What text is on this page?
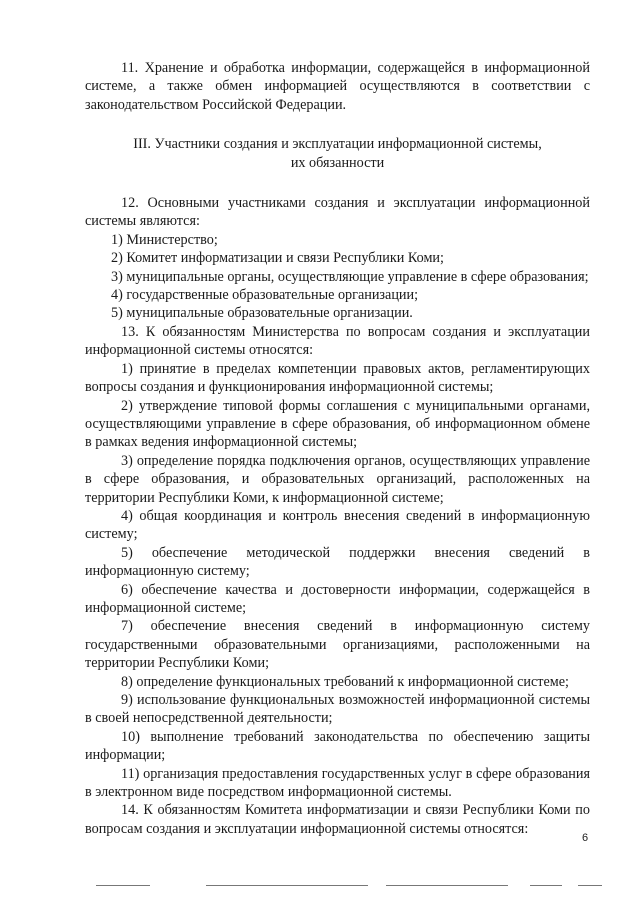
11. Хранение и обработка информации, содержащейся в информационной системе, а также обмен информацией осуществляются в соответствии с законодательством Российской Федерации.

III. Участники создания и эксплуатации информационной системы,
их обязанности

12. Основными участниками создания и эксплуатации информационной системы являются:

1) Министерство;

2) Комитет информатизации и связи Республики Коми;

3) муниципальные органы, осуществляющие управление в сфере образования;

4) государственные образовательные организации;

5) муниципальные образовательные организации.

13. К обязанностям Министерства по вопросам создания и эксплуатации информационной системы относятся:

1) принятие в пределах компетенции правовых актов, регламентирующих вопросы создания и функционирования информационной системы;

2) утверждение типовой формы соглашения с муниципальными органами, осуществляющими управление в сфере образования, об информационном обмене в рамках ведения информационной системы;

3) определение порядка подключения органов, осуществляющих управление в сфере образования, и образовательных организаций, расположенных на территории Республики Коми, к информационной системе;

4) общая координация и контроль внесения сведений в информационную систему;

5) обеспечение методической поддержки внесения сведений в информационную систему;

6) обеспечение качества и достоверности информации, содержащейся в информационной системе;

7) обеспечение внесения сведений в информационную систему государственными образовательными организациями, расположенными на территории Республики Коми;

8) определение функциональных требований к информационной системе;

9) использование функциональных возможностей информационной системы в своей непосредственной деятельности;

10) выполнение требований законодательства по обеспечению защиты информации;

11) организация предоставления государственных услуг в сфере образования в электронном виде посредством информационной системы.

14. К обязанностям Комитета информатизации и связи Республики Коми по вопросам создания и эксплуатации информационной системы относятся:

6
